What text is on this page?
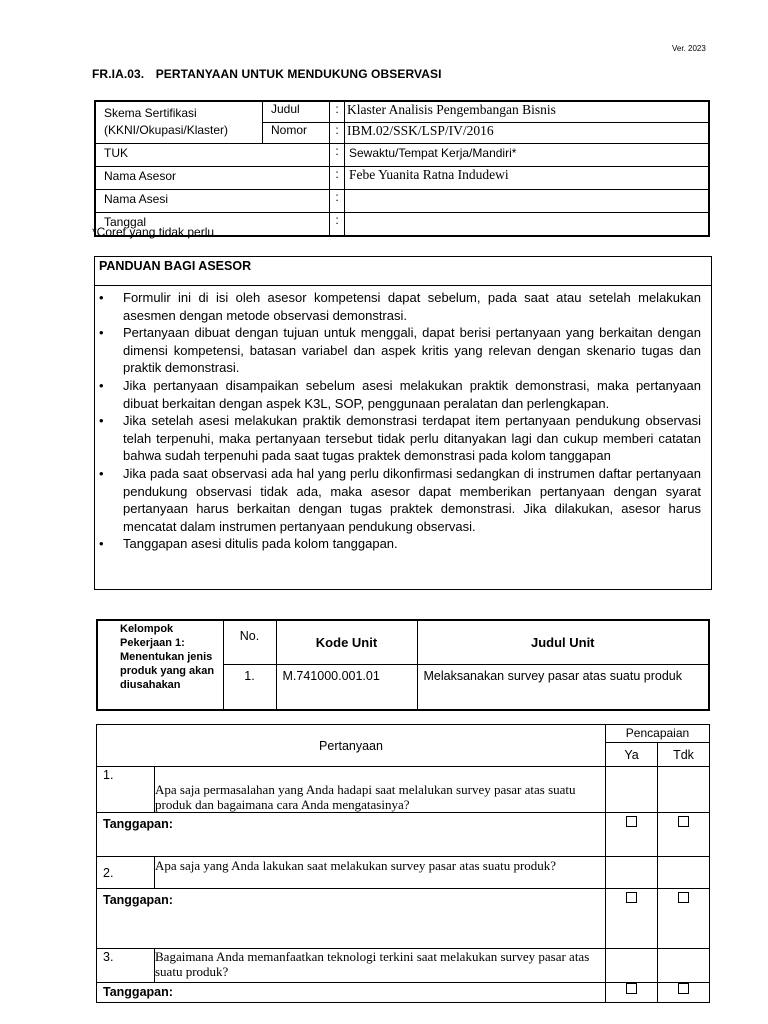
Ver. 2023
FR.IA.03. PERTANYAAN UNTUK MENDUKUNG OBSERVASI
Skema Sertifikasi
(KKNI/Okupasi/Klaster)	Judul	:	Klaster Analisis Pengembangan Bisnis
	Nomor	:	IBM.02/SSK/LSP/IV/2016
TUK		:	Sewaktu/Tempat Kerja/Mandiri*
Nama Asesor		:	Febe Yuanita Ratna Indudewi
Nama Asesi		:	
Tanggal		:	
*Coret yang tidak perlu
PANDUAN BAGI ASESOR
• Formulir ini di isi oleh asesor kompetensi dapat sebelum, pada saat atau setelah melakukan asesmen dengan metode observasi demonstrasi.
• Pertanyaan dibuat dengan tujuan untuk menggali, dapat berisi pertanyaan yang berkaitan dengan dimensi kompetensi, batasan variabel dan aspek kritis yang relevan dengan skenario tugas dan praktik demonstrasi.
• Jika pertanyaan disampaikan sebelum asesi melakukan praktik demonstrasi, maka pertanyaan dibuat berkaitan dengan aspek K3L, SOP, penggunaan peralatan dan perlengkapan.
• Jika setelah asesi melakukan praktik demonstrasi terdapat item pertanyaan pendukung observasi telah terpenuhi, maka pertanyaan tersebut tidak perlu ditanyakan lagi dan cukup memberi catatan bahwa sudah terpenuhi pada saat tugas praktek demonstrasi pada kolom tanggapan
• Jika pada saat observasi ada hal yang perlu dikonfirmasi sedangkan di instrumen daftar pertanyaan pendukung observasi tidak ada, maka asesor dapat memberikan pertanyaan dengan syarat pertanyaan harus berkaitan dengan tugas praktek demonstrasi. Jika dilakukan, asesor harus mencatat dalam instrumen pertanyaan pendukung observasi.
• Tanggapan asesi ditulis pada kolom tanggapan.
Kelompok Pekerjaan 1: Menentukan jenis produk yang akan diusahakan	No.	Kode Unit	Judul Unit
	1.	M.741000.001.01	Melaksanakan survey pasar atas suatu produk
Pertanyaan		Pencapaian	
		Ya	Tdk
1.	Apa saja permasalahan yang Anda hadapi saat melalukan survey pasar atas suatu produk dan bagaimana cara Anda mengatasinya?		
Tanggapan:			
2.	Apa saja yang Anda lakukan saat melakukan survey pasar atas suatu produk?		
Tanggapan:			
3.	Bagaimana Anda memanfaatkan teknologi terkini saat melakukan survey pasar atas suatu produk?		
Tanggapan:			
